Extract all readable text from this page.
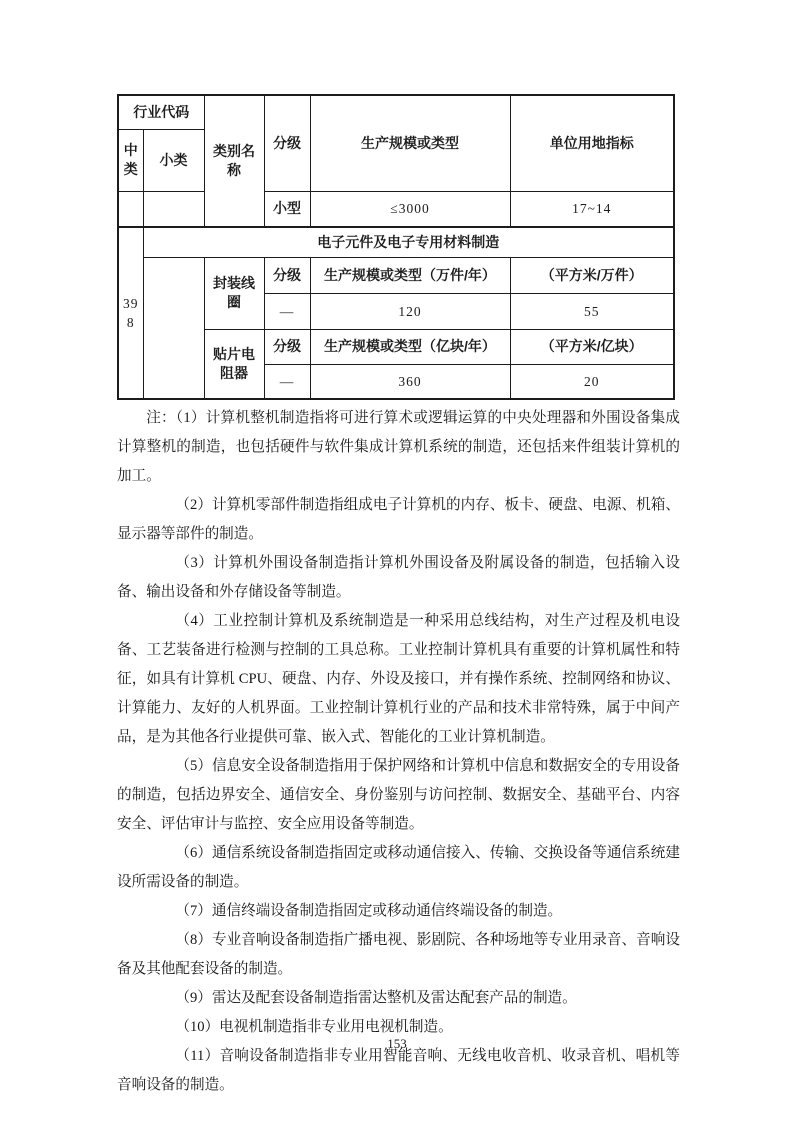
行业代码		类别名称	分级	生产规模或类型	单位用地指标
中类	小类				
			小型	≤3000	17~14
398	电子元件及电子专用材料制造				
		封装线圈	分级	生产规模或类型（万件/年）	（平方米/万件）
			—	120	55
		贴片电阻器	分级	生产规模或类型（亿块/年）	（平方米/亿块）
			—	360	20

注：（1）计算机整机制造指将可进行算术或逻辑运算的中央处理器和外围设备集成计算整机的制造，也包括硬件与软件集成计算机系统的制造，还包括来件组装计算机的加工。

（2）计算机零部件制造指组成电子计算机的内存、板卡、硬盘、电源、机箱、显示器等部件的制造。

（3）计算机外围设备制造指计算机外围设备及附属设备的制造，包括输入设备、输出设备和外存储设备等制造。

（4）工业控制计算机及系统制造是一种采用总线结构，对生产过程及机电设备、工艺装备进行检测与控制的工具总称。工业控制计算机具有重要的计算机属性和特征，如具有计算机 CPU、硬盘、内存、外设及接口，并有操作系统、控制网络和协议、计算能力、友好的人机界面。工业控制计算机行业的产品和技术非常特殊，属于中间产品，是为其他各行业提供可靠、嵌入式、智能化的工业计算机制造。

（5）信息安全设备制造指用于保护网络和计算机中信息和数据安全的专用设备的制造，包括边界安全、通信安全、身份鉴别与访问控制、数据安全、基础平台、内容安全、评估审计与监控、安全应用设备等制造。

（6）通信系统设备制造指固定或移动通信接入、传输、交换设备等通信系统建设所需设备的制造。

（7）通信终端设备制造指固定或移动通信终端设备的制造。

（8）专业音响设备制造指广播电视、影剧院、各种场地等专业用录音、音响设备及其他配套设备的制造。

（9）雷达及配套设备制造指雷达整机及雷达配套产品的制造。

（10）电视机制造指非专业用电视机制造。

（11）音响设备制造指非专业用智能音响、无线电收音机、收录音机、唱机等音响设备的制造。

153
